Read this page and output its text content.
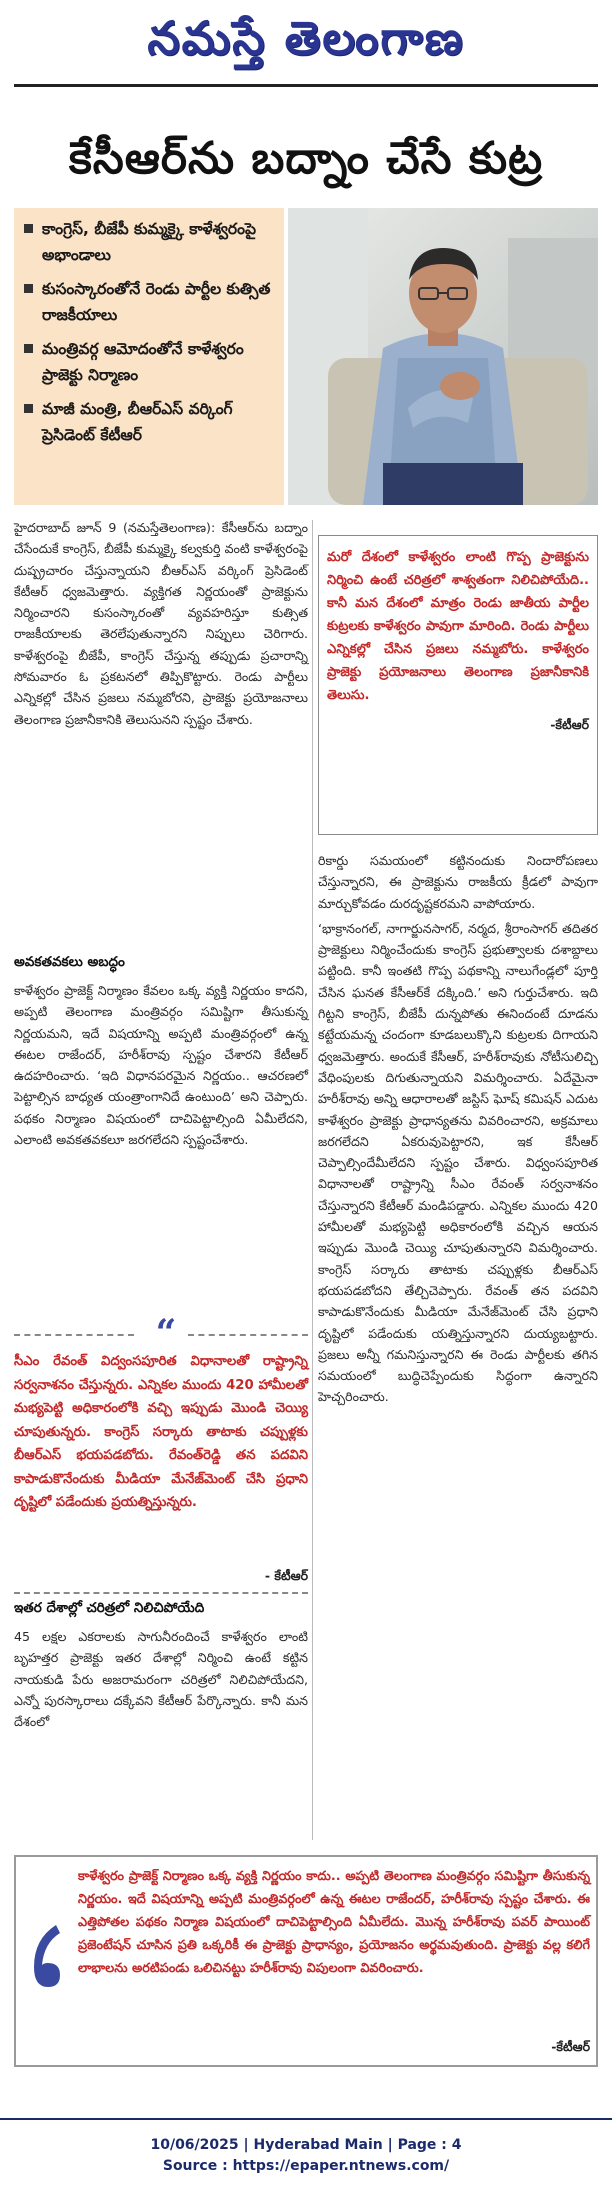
నమస్తే తెలంగాణ
కేసీఆర్‌ను బద్నాం చేసే కుట్ర
కాంగ్రెస్‌, బీజేపీ కుమ్మక్కై కాళేశ్వరంపై అభాండాలు
కుసంస్కారంతోనే రెండు పార్టీల కుత్సిత రాజకీయాలు
మంత్రివర్గ ఆమోదంతోనే కాళేశ్వరం ప్రాజెక్టు నిర్మాణం
మాజీ మంత్రి, బీఆర్‌ఎస్‌ వర్కింగ్‌ ప్రెసిడెంట్‌ కేటీఆర్‌

హైదరాబాద్‌ జూన్‌ 9 (నమస్తేతెలంగాణ): కేసీఆర్‌ను బద్నాం చేసేందుకే కాంగ్రెస్‌, బీజేపీ కుమ్మక్కై కల్వకుర్తి వంటి కాళేశ్వరంపై దుష్ప్రచారం చేస్తున్నాయని బీఆర్‌ఎస్‌ వర్కింగ్‌ ప్రెసిడెంట్‌ కేటీఆర్‌ ధ్వజమెత్తారు. వ్యక్తిగత నిర్ణయంతో ప్రాజెక్టును నిర్మించారని కుసంస్కారంతో వ్యవహరిస్తూ కుత్సిత రాజకీయాలకు తెరలేపుతున్నారని నిప్పులు చెరిగారు. కాళేశ్వరంపై బీజేపీ, కాంగ్రెస్‌ చేస్తున్న తప్పుడు ప్రచారాన్ని సోమవారం ఓ ప్రకటనలో తిప్పికొట్టారు. రెండు పార్టీలు ఎన్నికల్లో చేసిన ప్రజలు నమ్మబోరని, ప్రాజెక్టు ప్రయోజనాలు తెలంగాణ ప్రజానీకానికి తెలుసునని స్పష్టం చేశారు.

అవకతవకలు అబద్ధం

కాళేశ్వరం ప్రాజెక్ట్‌ నిర్మాణం కేవలం ఒక్క వ్యక్తి నిర్ణయం కాదని, అప్పటి తెలంగాణ మంత్రివర్గం సమిష్టిగా తీసుకున్న నిర్ణయమని, ఇదే విషయాన్ని అప్పటి మంత్రివర్గంలో ఉన్న ఈటల రాజేందర్‌, హరీశ్‌రావు స్పష్టం చేశారని కేటీఆర్‌ ఉదహరించారు. ‘ఇది విధానపరమైన నిర్ణయం.. ఆచరణలో పెట్టాల్సిన బాధ్యత యంత్రాంగానిదే ఉంటుంది’ అని చెప్పారు. పథకం నిర్మాణం విషయంలో దాచిపెట్టాల్సింది ఏమీలేదని, ఎలాంటి అవకతవకలూ జరగలేదని స్పష్టంచేశారు.

“
సీఎం రేవంత్‌ విద్వంసపూరిత విధానాలతో రాష్ట్రాన్ని సర్వనాశనం చేస్తున్నరు. ఎన్నికల ముందు 420 హామీలతో మభ్యపెట్టి అధికారంలోకి వచ్చి ఇప్పుడు మొండి చెయ్యి చూపుతున్నరు. కాంగ్రెస్‌ సర్కారు తాటాకు చప్పుళ్లకు బీఆర్‌ఎస్‌ భయపడబోదు. రేవంత్‌రెడ్డి తన పదవిని కాపాడుకొనేందుకు మీడియా మేనేజ్‌మెంట్‌ చేసి ప్రధాని దృష్టిలో పడేందుకు ప్రయత్నిస్తున్నరు.
- కేటీఆర్‌
ఇతర దేశాల్లో చరిత్రలో నిలిచిపోయేది

45 లక్షల ఎకరాలకు సాగునీరందించే కాళేశ్వరం లాంటి బృహత్తర ప్రాజెక్టు ఇతర దేశాల్లో నిర్మించి ఉంటే కట్టిన నాయకుడి పేరు అజరామరంగా చరిత్రలో నిలిచిపోయేదని, ఎన్నో పురస్కారాలు దక్కేవని కేటీఆర్‌ పేర్కొన్నారు. కానీ మన దేశంలో

మరో దేశంలో కాళేశ్వరం లాంటి గొప్ప ప్రాజెక్టును నిర్మించి ఉంటే చరిత్రలో శాశ్వతంగా నిలిచిపోయేది.. కానీ మన దేశంలో మాత్రం రెండు జాతీయ పార్టీల కుట్రలకు కాళేశ్వరం పావుగా మారింది. రెండు పార్టీలు ఎన్నికల్లో చేసిన ప్రజలు నమ్మబోరు. కాళేశ్వరం ప్రాజెక్టు ప్రయోజనాలు తెలంగాణ ప్రజానీకానికి తెలుసు.
-కేటీఆర్‌

రికార్డు సమయంలో కట్టినందుకు నిందారోపణలు చేస్తున్నారని, ఈ ప్రాజెక్టును రాజకీయ క్రీడలో పావుగా మార్చుకోవడం దురదృష్టకరమని వాపోయారు.

‘భాక్రానంగల్‌, నాగార్జునసాగర్‌, నర్మద, శ్రీరాంసాగర్‌ తదితర ప్రాజెక్టులు నిర్మించేందుకు కాంగ్రెస్‌ ప్రభుత్వాలకు దశాబ్దాలు పట్టింది. కానీ ఇంతటి గొప్ప పథకాన్ని నాలుగేండ్లలో పూర్తి చేసిన ఘనత కేసీఆర్‌కే దక్కింది.’ అని గుర్తుచేశారు. ఇది గిట్టని కాంగ్రెస్‌, బీజేపీ దున్నపోతు ఈనిందంటే దూడను కట్టేయమన్న చందంగా కూడబలుక్కొని కుట్రలకు దిగాయని ధ్వజమెత్తారు. అందుకే కేసీఆర్‌, హరీశ్‌రావుకు నోటీసులిచ్చి వేధింపులకు దిగుతున్నాయని విమర్శించారు. ఏదేమైనా హరీశ్‌రావు అన్ని ఆధారాలతో జస్టిస్‌ ఘోష్‌ కమిషన్‌ ఎదుట కాళేశ్వరం ప్రాజెక్టు ప్రాధాన్యతను వివరించారని, అక్రమాలు జరగలేదని ఏకరువుపెట్టారని, ఇక కేసీఆర్‌ చెప్పాల్సిందేమీలేదని స్పష్టం చేశారు. విధ్వంసపూరిత విధానాలతో రాష్ట్రాన్ని సీఎం రేవంత్‌ సర్వనాశనం చేస్తున్నారని కేటీఆర్‌ మండిపడ్డారు. ఎన్నికల ముందు 420 హామీలతో మభ్యపెట్టి అధికారంలోకి వచ్చిన ఆయన ఇప్పుడు మొండి చెయ్యి చూపుతున్నారని విమర్శించారు. కాంగ్రెస్‌ సర్కారు తాటాకు చప్పుళ్లకు బీఆర్‌ఎస్‌ భయపడబోదని తేల్చిచెప్పారు. రేవంత్‌ తన పదవిని కాపాడుకొనేందుకు మీడియా మేనేజ్‌మెంట్‌ చేసి ప్రధాని దృష్టిలో పడేందుకు యత్నిస్తున్నారని దుయ్యబట్టారు. ప్రజలు అన్నీ గమనిస్తున్నారని ఈ రెండు పార్టీలకు తగిన సమయంలో బుద్ధిచెప్పేందుకు సిద్ధంగా ఉన్నారని హెచ్చరించారు.

కాళేశ్వరం ప్రాజెక్ట్‌ నిర్మాణం ఒక్క వ్యక్తి నిర్ణయం కాదు.. అప్పటి తెలంగాణ మంత్రివర్గం సమిష్టిగా తీసుకున్న నిర్ణయం. ఇదే విషయాన్ని అప్పటి మంత్రివర్గంలో ఉన్న ఈటల రాజేందర్‌, హరీశ్‌రావు స్పష్టం చేశారు. ఈ ఎత్తిపోతల పథకం నిర్మాణ విషయంలో దాచిపెట్టాల్సింది ఏమీలేదు. మొన్న హరీశ్‌రావు పవర్‌ పాయింట్‌ ప్రజెంటేషన్‌ చూసిన ప్రతి ఒక్కరికీ ఈ ప్రాజెక్టు ప్రాధాన్యం, ప్రయోజనం అర్థమవుతుంది. ప్రాజెక్టు వల్ల కలిగే లాభాలను అరటిపండు ఒలిచినట్టు హరీశ్‌రావు విపులంగా వివరించారు.
-కేటీఆర్‌
10/06/2025 | Hyderabad Main | Page : 4
Source : https://epaper.ntnews.com/
